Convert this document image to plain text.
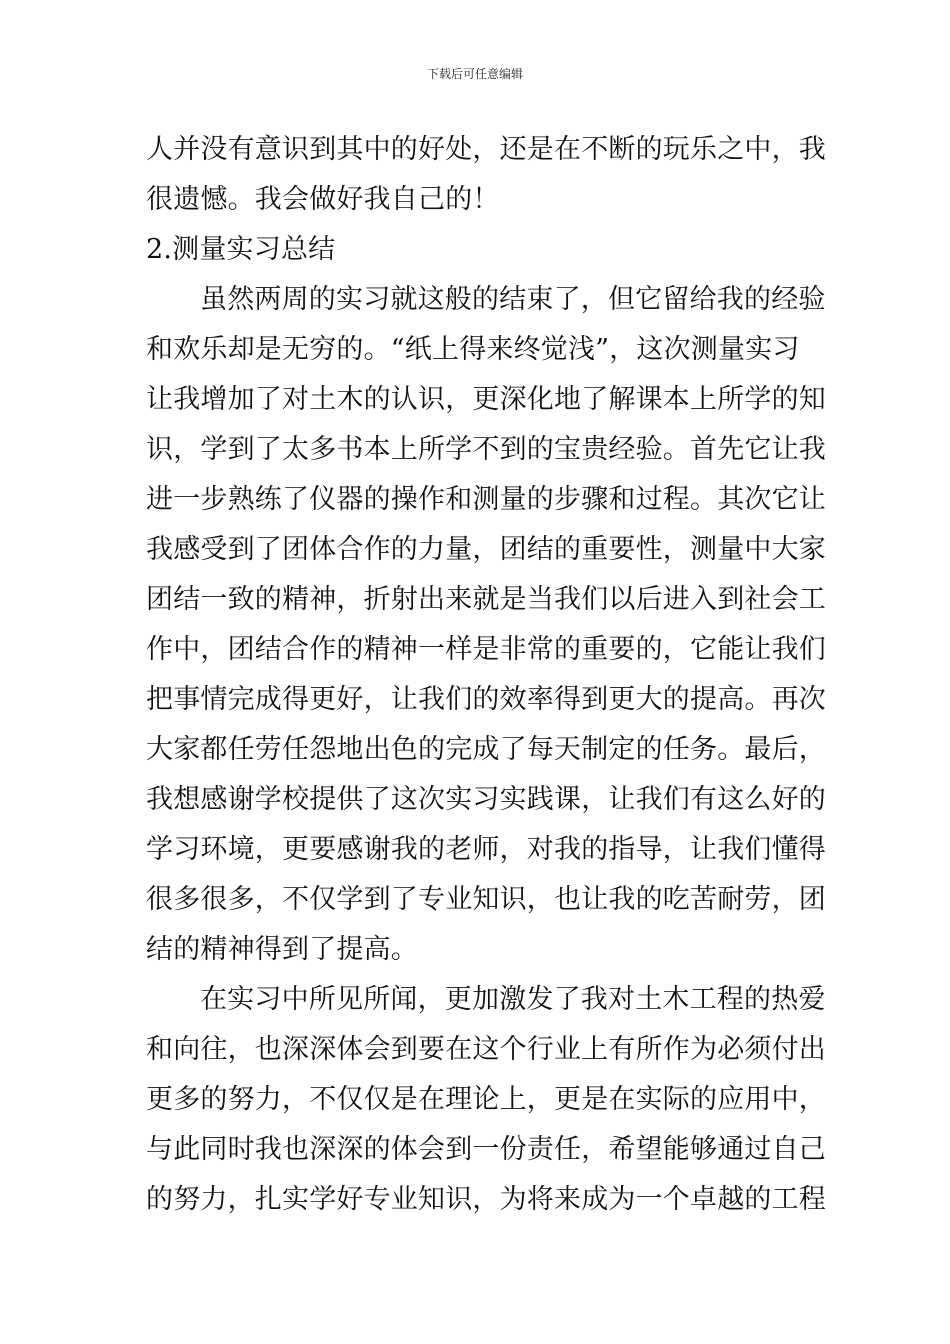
下载后可任意编辑
人并没有意识到其中的好处，还是在不断的玩乐之中，我
很遗憾。我会做好我自己的！
2.测量实习总结
虽然两周的实习就这般的结束了，但它留给我的经验
和欢乐却是无穷的。“纸上得来终觉浅”，这次测量实习
让我增加了对土木的认识，更深化地了解课本上所学的知
识，学到了太多书本上所学不到的宝贵经验。首先它让我
进一步熟练了仪器的操作和测量的步骤和过程。其次它让
我感受到了团体合作的力量，团结的重要性，测量中大家
团结一致的精神，折射出来就是当我们以后进入到社会工
作中，团结合作的精神一样是非常的重要的，它能让我们
把事情完成得更好，让我们的效率得到更大的提高。再次
大家都任劳任怨地出色的完成了每天制定的任务。最后，
我想感谢学校提供了这次实习实践课，让我们有这么好的
学习环境，更要感谢我的老师，对我的指导，让我们懂得
很多很多，不仅学到了专业知识，也让我的吃苦耐劳，团
结的精神得到了提高。
在实习中所见所闻，更加激发了我对土木工程的热爱
和向往，也深深体会到要在这个行业上有所作为必须付出
更多的努力，不仅仅是在理论上，更是在实际的应用中，
与此同时我也深深的体会到一份责任，希望能够通过自己
的努力，扎实学好专业知识，为将来成为一个卓越的工程
